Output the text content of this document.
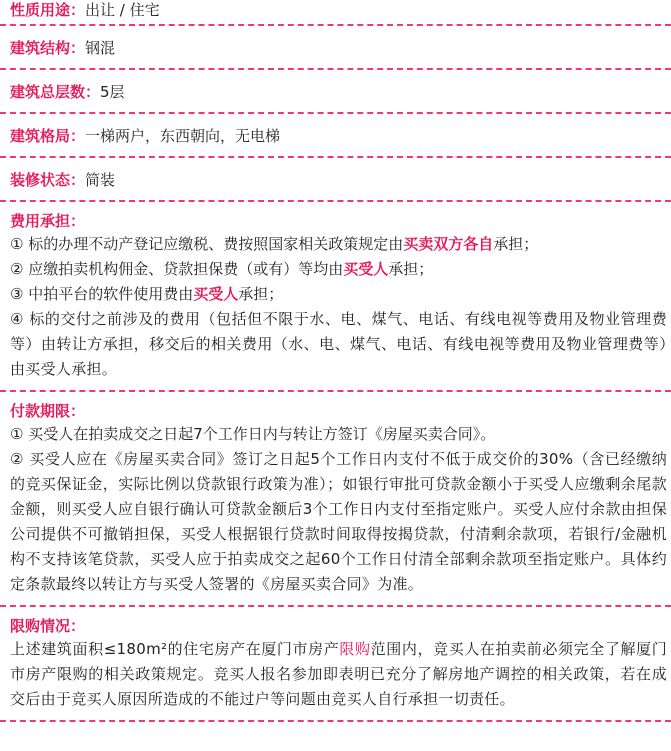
性质用途： 出让 / 住宅
建筑结构： 钢混
建筑总层数： 5层
建筑格局： 一梯两户，东西朝向，无电梯
装修状态： 简装
费用承担：
① 标的办理不动产登记应缴税、费按照国家相关政策规定由买卖双方各自承担；
② 应缴拍卖机构佣金、贷款担保费（或有）等均由买受人承担；
③ 中拍平台的软件使用费由买受人承担；
④ 标的交付之前涉及的费用（包括但不限于水、电、煤气、电话、有线电视等费用及物业管理费等）由转让方承担，移交后的相关费用（水、电、煤气、电话、有线电视等费用及物业管理费等）由买受人承担。
付款期限：
① 买受人在拍卖成交之日起7个工作日内与转让方签订《房屋买卖合同》。
② 买受人应在《房屋买卖合同》签订之日起5个工作日内支付不低于成交价的30%（含已经缴纳的竞买保证金，实际比例以贷款银行政策为准）；如银行审批可贷款金额小于买受人应缴剩余尾款金额，则买受人应自银行确认可贷款金额后3个工作日内支付至指定账户。买受人应付余款由担保公司提供不可撤销担保，买受人根据银行贷款时间取得按揭贷款，付清剩余款项，若银行/金融机构不支持该笔贷款，买受人应于拍卖成交之起60个工作日付清全部剩余款项至指定账户。具体约定条款最终以转让方与买受人签署的《房屋买卖合同》为准。
限购情况：
上述建筑面积≤180m²的住宅房产在厦门市房产限购范围内，竞买人在拍卖前必须完全了解厦门市房产限购的相关政策规定。竞买人报名参加即表明已充分了解房地产调控的相关政策，若在成交后由于竞买人原因所造成的不能过户等问题由竞买人自行承担一切责任。
